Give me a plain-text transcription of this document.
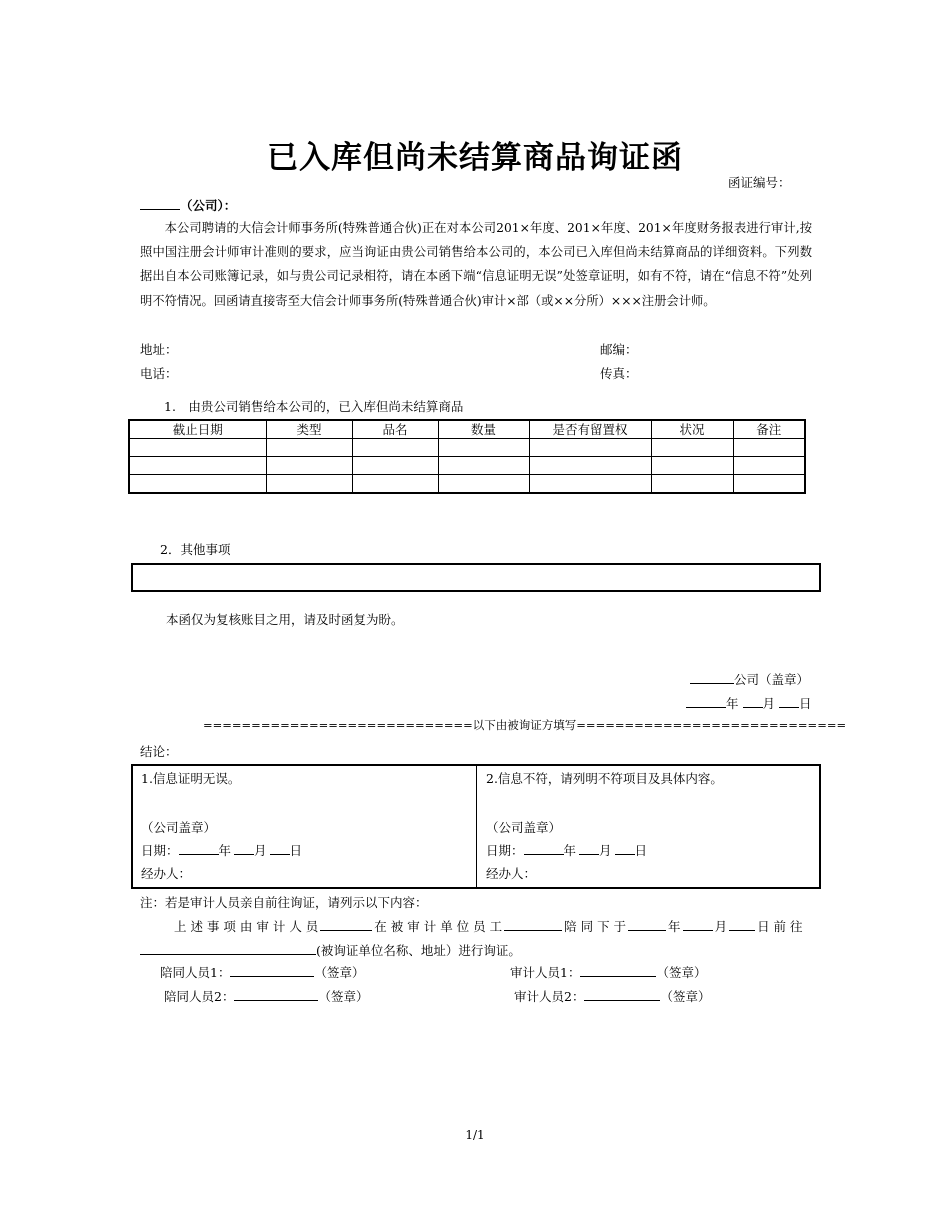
已入库但尚未结算商品询证函
函证编号：
（公司）：

本公司聘请的大信会计师事务所(特殊普通合伙)正在对本公司201×年度、201×年度、201×年度财务报表进行审计,按照中国注册会计师审计准则的要求，应当询证由贵公司销售给本公司的，本公司已入库但尚未结算商品的详细资料。下列数据出自本公司账簿记录，如与贵公司记录相符，请在本函下端“信息证明无误”处签章证明，如有不符，请在“信息不符”处列明不符情况。回函请直接寄至大信会计师事务所(特殊普通合伙)审计×部（或××分所）×××注册会计师。

地址：	邮编：
电话：	传真：
1.　由贵公司销售给本公司的，已入库但尚未结算商品
截止日期	类型	品名	数量	是否有留置权	状况	备注

2．其他事项
本函仅为复核账目之用，请及时函复为盼。
公司（盖章）
年 月 日
============================以下由被询证方填写============================
结论：
1.信息证明无误。
（公司盖章）
日期：	年 月 日
经办人：
2.信息不符，请列明不符项目及具体内容。
（公司盖章）
日期：	年 月 日
经办人：
注：若是审计人员亲自前往询证，请列示以下内容：
上 述 事 项 由 审 计 人 员	在 被 审 计 单 位 员 工	陪 同 下 于	年	月 日 前 往
(被询证单位名称、地址）进行询证。
陪同人员1：	（签章）
陪同人员2：	（签章）
审计人员1：	（签章）
审计人员2：	（签章）
1/1
